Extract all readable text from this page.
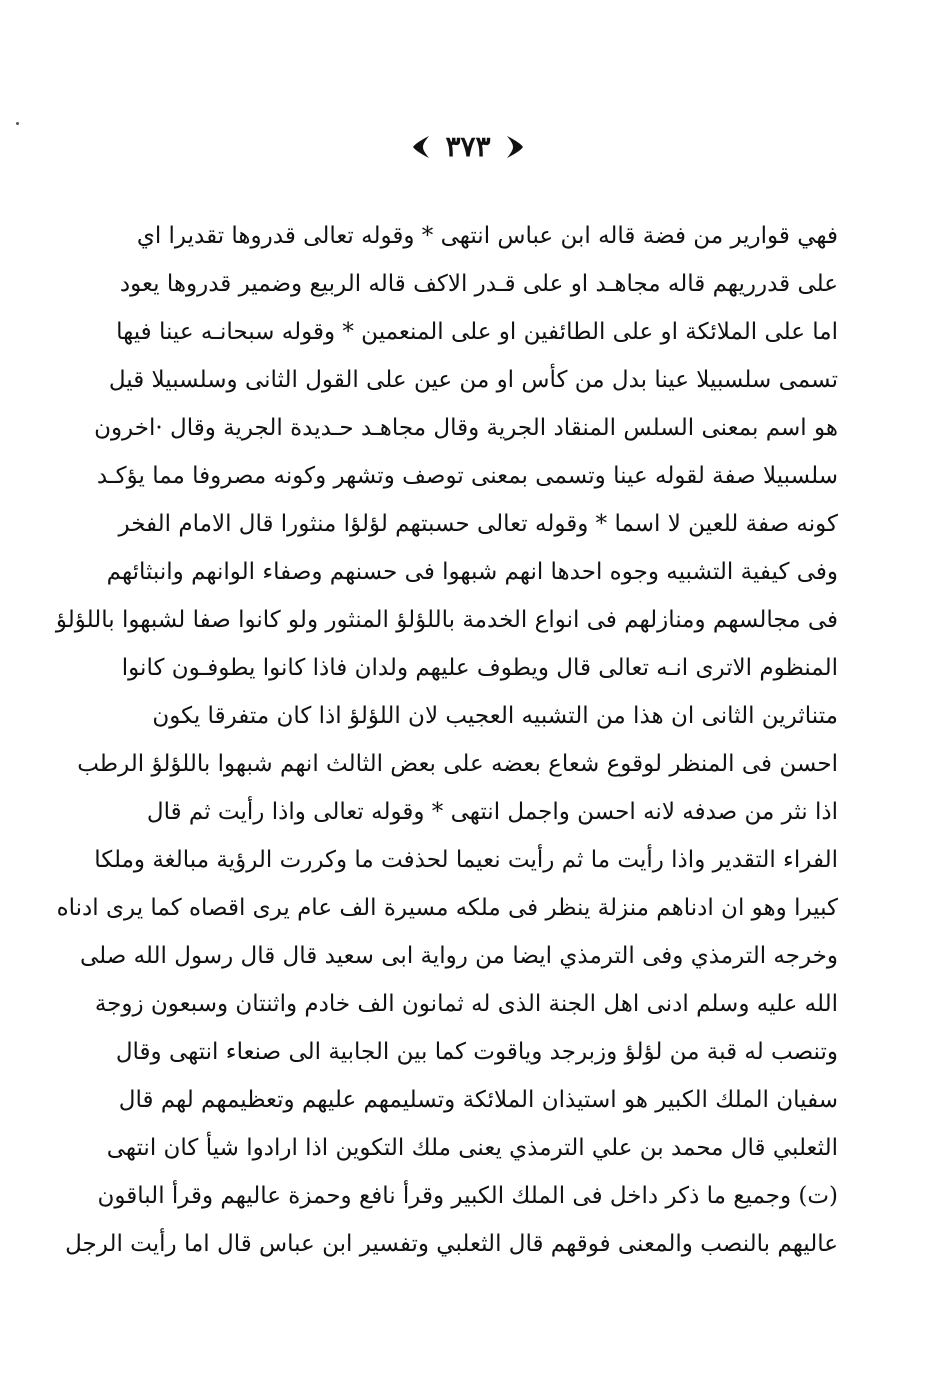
٣٧٣
فهي قوارير من فضة قاله ابن عباس انتهى * وقوله تعالى قدروها تقديرا اي
على قدرريهم قاله مجاهـد او على قـدر الاكف قاله الربيع وضمير قدروها يعود
اما على الملائكة او على الطائفين او على المنعمين * وقوله سبحانـه عينا فيها
تسمى سلسبيلا عينا بدل من كأس او من عين على القول الثانى وسلسبيلا قيل
هو اسم بمعنى السلس المنقاد الجرية وقال مجاهـد حـديدة الجرية وقال ·اخرون
سلسبيلا صفة لقوله عينا وتسمى بمعنى توصف وتشهر وكونه مصروفا مما يؤكـد
كونه صفة للعين لا اسما * وقوله تعالى حسبتهم لؤلؤا منثورا قال الامام الفخر
وفى كيفية التشبيه وجوه احدها انهم شبهوا فى حسنهم وصفاء الوانهم وانبثائهم
فى مجالسهم ومنازلهم فى انواع الخدمة باللؤلؤ المنثور ولو كانوا صفا لشبهوا باللؤلؤ
المنظوم الاترى انـه تعالى قال ويطوف عليهم ولدان فاذا كانوا يطوفـون كانوا
متناثرين الثانى ان هذا من التشبيه العجيب لان اللؤلؤ اذا كان متفرقا يكون
احسن فى المنظر لوقوع شعاع بعضه على بعض الثالث انهم شبهوا باللؤلؤ الرطب
اذا نثر من صدفه لانه احسن واجمل انتهى * وقوله تعالى واذا رأيت ثم قال
الفراء التقدير واذا رأيت ما ثم رأيت نعيما لحذفت ما وكررت الرؤية مبالغة وملكا
كبيرا وهو ان ادناهم منزلة ينظر فى ملكه مسيرة الف عام يرى اقصاه كما يرى ادناه
وخرجه الترمذي وفى الترمذي ايضا من رواية ابى سعيد قال قال رسول الله صلى
الله عليه وسلم ادنى اهل الجنة الذى له ثمانون الف خادم واثنتان وسبعون زوجة
وتنصب له قبة من لؤلؤ وزبرجد وياقوت كما بين الجابية الى صنعاء انتهى وقال
سفيان الملك الكبير هو استيذان الملائكة وتسليمهم عليهم وتعظيمهم لهم قال
الثعلبي قال محمد بن علي الترمذي يعنى ملك التكوين اذا ارادوا شيأ كان انتهى
(ت) وجميع ما ذكر داخل فى الملك الكبير وقرأ نافع وحمزة عاليهم وقرأ الباقون
عاليهم بالنصب والمعنى فوقهم قال الثعلبي وتفسير ابن عباس قال اما رأيت الرجل
